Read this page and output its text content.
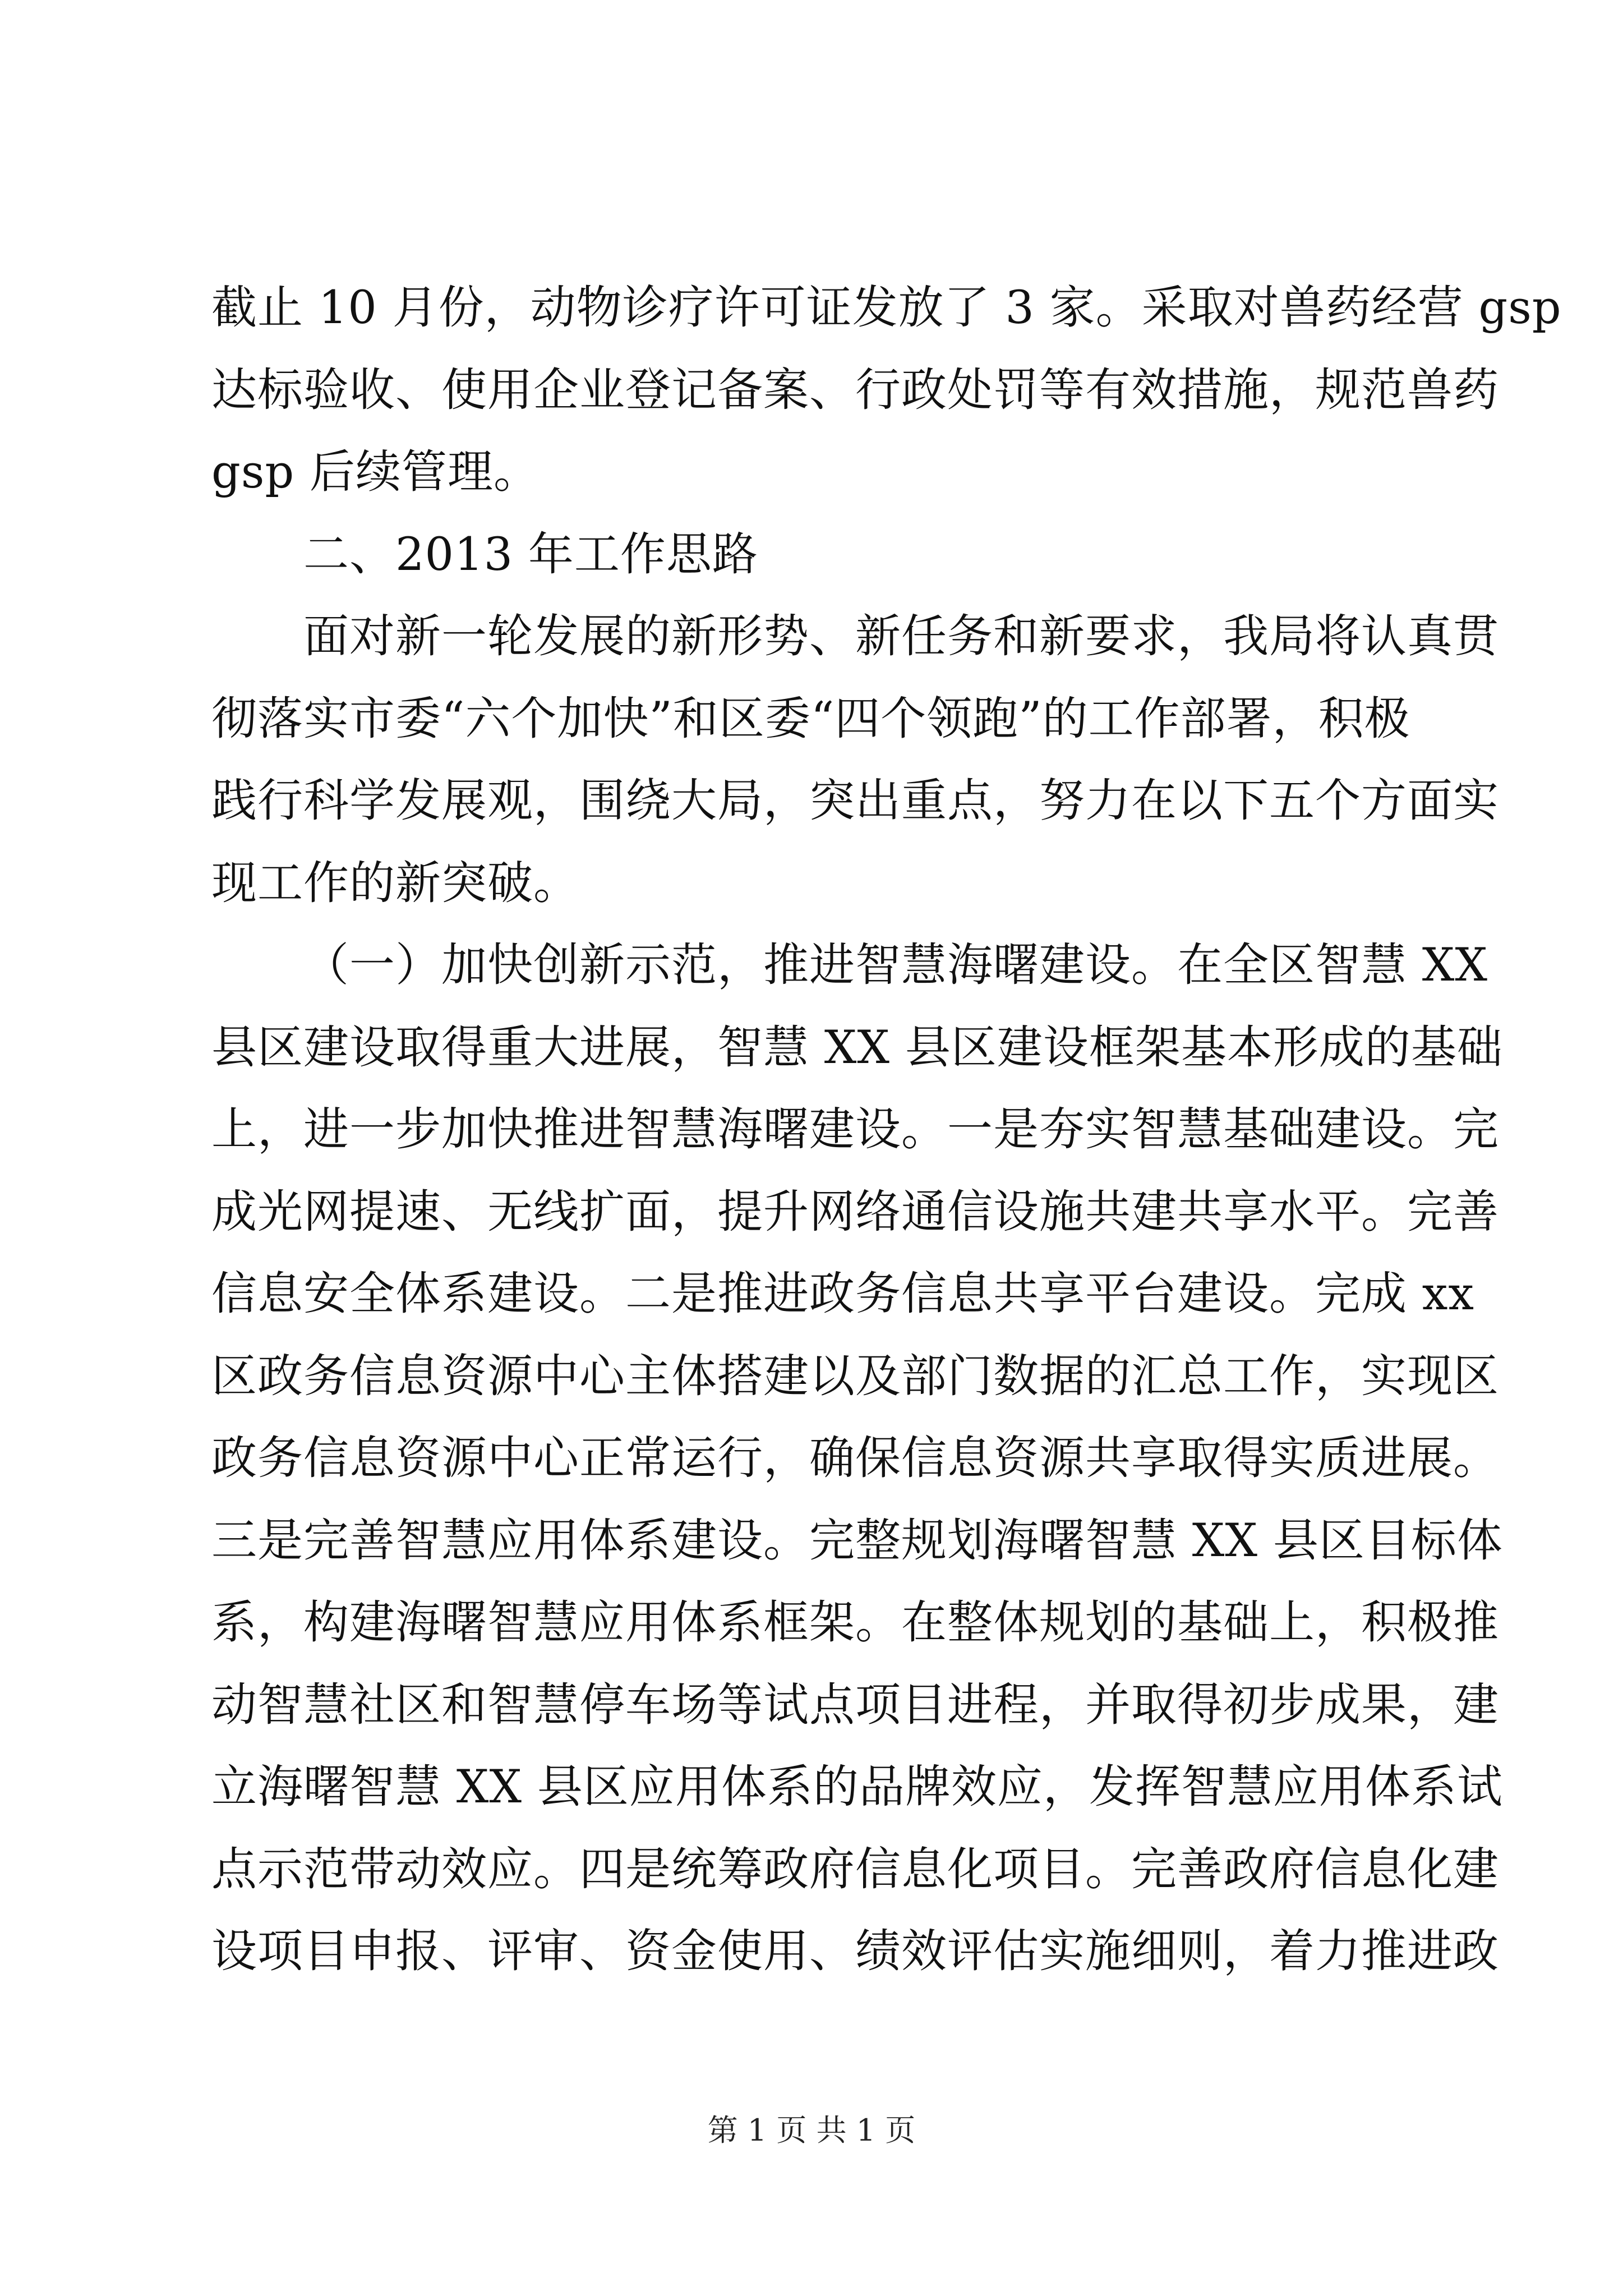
截止 10 月份，动物诊疗许可证发放了 3 家。采取对兽药经营 gsp
达标验收、使用企业登记备案、行政处罚等有效措施，规范兽药
gsp 后续管理。
二、2013 年工作思路
面对新一轮发展的新形势、新任务和新要求，我局将认真贯
彻落实市委“六个加快”和区委“四个领跑”的工作部署，积极
践行科学发展观，围绕大局，突出重点，努力在以下五个方面实
现工作的新突破。
（一）加快创新示范，推进智慧海曙建设。在全区智慧 XX
县区建设取得重大进展，智慧 XX 县区建设框架基本形成的基础
上，进一步加快推进智慧海曙建设。一是夯实智慧基础建设。完
成光网提速、无线扩面，提升网络通信设施共建共享水平。完善
信息安全体系建设。二是推进政务信息共享平台建设。完成 xx
区政务信息资源中心主体搭建以及部门数据的汇总工作，实现区
政务信息资源中心正常运行，确保信息资源共享取得实质进展。
三是完善智慧应用体系建设。完整规划海曙智慧 XX 县区目标体
系，构建海曙智慧应用体系框架。在整体规划的基础上，积极推
动智慧社区和智慧停车场等试点项目进程，并取得初步成果，建
立海曙智慧 XX 县区应用体系的品牌效应，发挥智慧应用体系试
点示范带动效应。四是统筹政府信息化项目。完善政府信息化建
设项目申报、评审、资金使用、绩效评估实施细则，着力推进政
第 1 页 共 1 页
